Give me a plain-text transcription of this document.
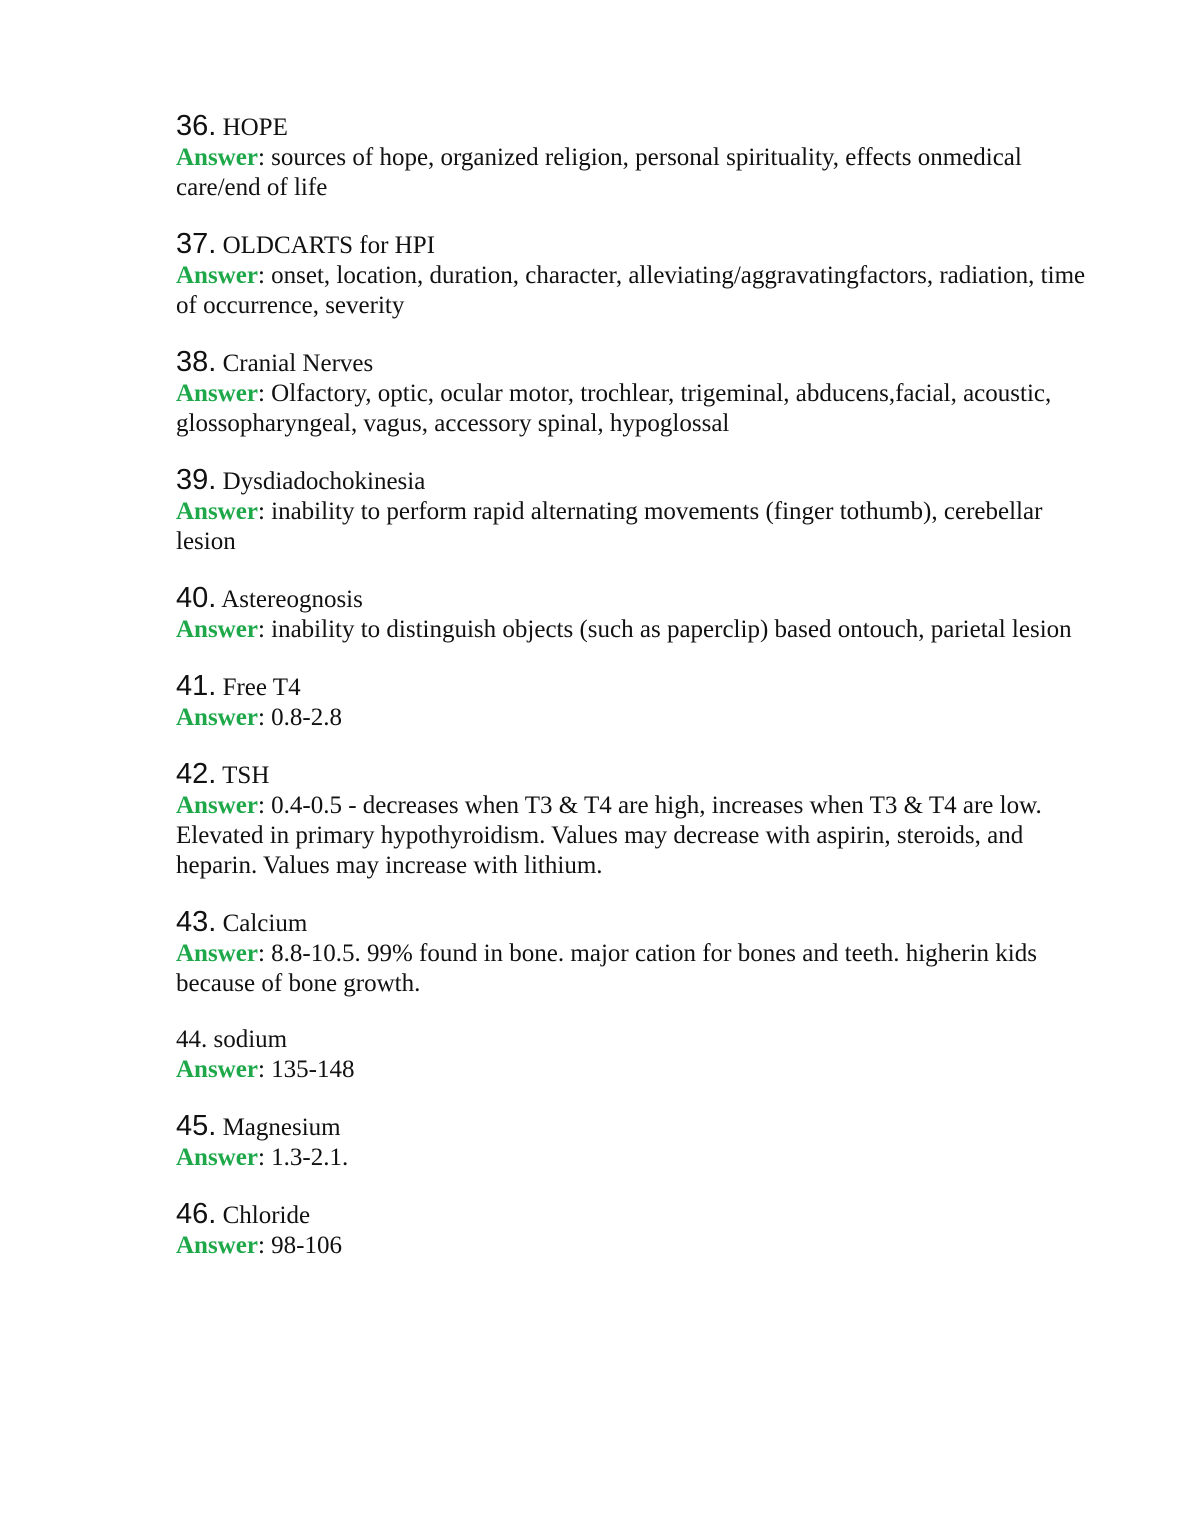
36. HOPE
Answer: sources of hope, organized religion, personal spirituality, effects onmedical care/end of life
37. OLDCARTS for HPI
Answer: onset, location, duration, character, alleviating/aggravatingfactors, radiation, time of occurrence, severity
38. Cranial Nerves
Answer: Olfactory, optic, ocular motor, trochlear, trigeminal, abducens,facial, acoustic, glossopharyngeal, vagus, accessory spinal, hypoglossal
39. Dysdiadochokinesia
Answer: inability to perform rapid alternating movements (finger tothumb), cerebellar lesion
40. Astereognosis
Answer: inability to distinguish objects (such as paperclip) based ontouch, parietal lesion
41. Free T4
Answer: 0.8-2.8
42. TSH
Answer: 0.4-0.5 - decreases when T3 & T4 are high, increases when T3 & T4 are low. Elevated in primary hypothyroidism. Values may decrease with aspirin, steroids, and heparin. Values may increase with lithium.
43. Calcium
Answer: 8.8-10.5. 99% found in bone. major cation for bones and teeth. higherin kids because of bone growth.
44. sodium
Answer: 135-148
45. Magnesium
Answer: 1.3-2.1.
46. Chloride
Answer: 98-106
